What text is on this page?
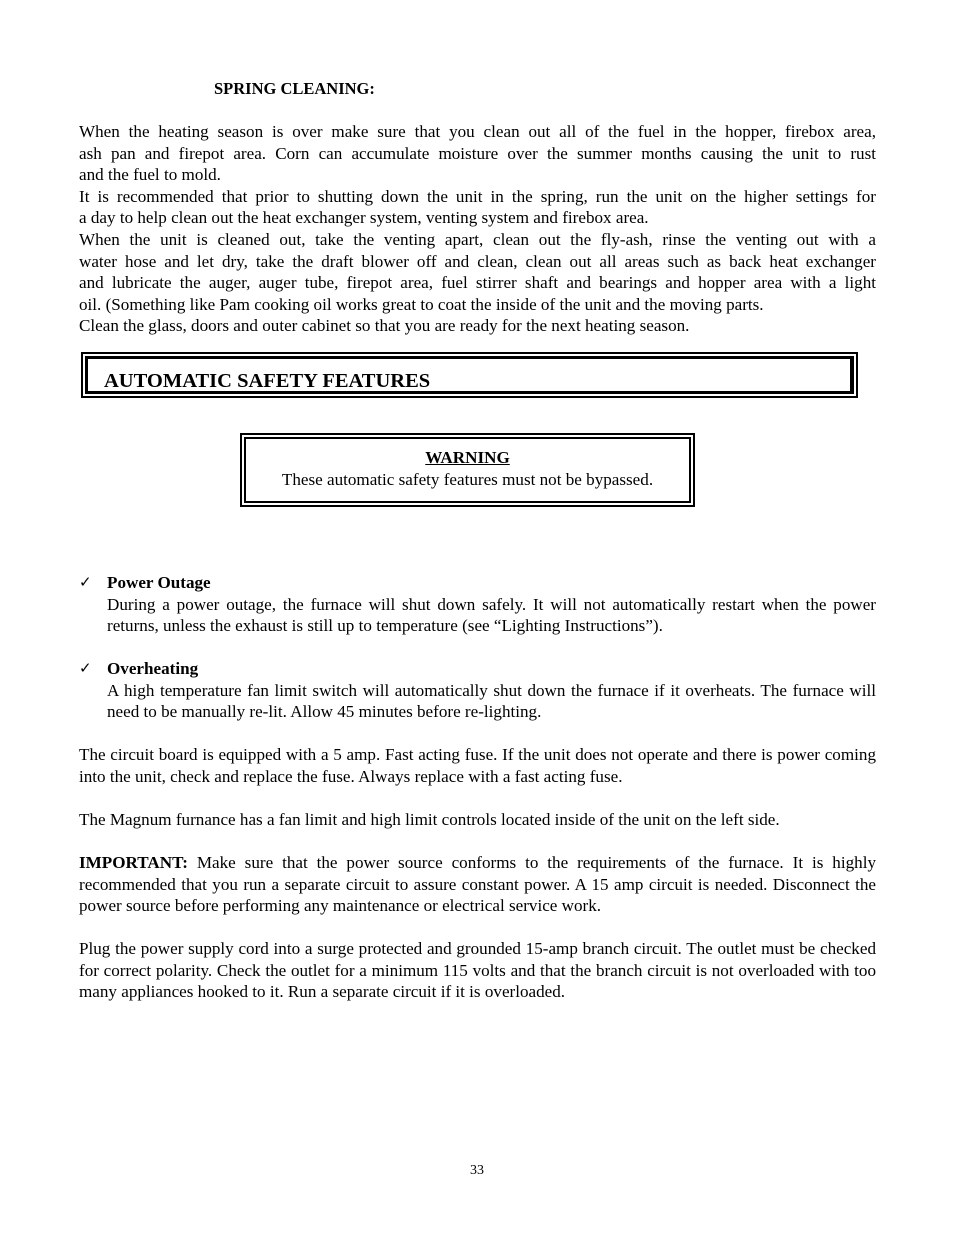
SPRING CLEANING:
When the heating season is over make sure that you clean out all of the fuel in the hopper, firebox area,
ash pan and firepot area. Corn can accumulate moisture over the summer months causing the unit to rust
and the fuel to mold.
It is recommended that prior to shutting down the unit in the spring, run the unit on the higher settings for
a day to help clean out the heat exchanger system, venting system and firebox area.
When the unit is cleaned out, take the venting apart, clean out the fly-ash, rinse the venting out with a
water hose and let dry, take the draft blower off and clean, clean out all areas such as back heat exchanger
and lubricate the auger, auger tube, firepot area, fuel stirrer shaft and bearings and hopper area with a light
oil. (Something like Pam cooking oil works great to coat the inside of the unit and the moving parts.
Clean the glass, doors and outer cabinet so that you are ready for the next heating season.
AUTOMATIC SAFETY FEATURES
WARNING
These automatic safety features must not be bypassed.
✓ Power Outage
During a power outage, the furnace will shut down safely. It will not automatically restart when the power returns, unless the exhaust is still up to temperature (see “Lighting Instructions”).
✓ Overheating
A high temperature fan limit switch will automatically shut down the furnace if it overheats. The furnace will need to be manually re-lit. Allow 45 minutes before re-lighting.
The circuit board is equipped with a 5 amp. Fast acting fuse. If the unit does not operate and there is power coming into the unit, check and replace the fuse. Always replace with a fast acting fuse.
The Magnum furnance has a fan limit and high limit controls located inside of the unit on the left side.
IMPORTANT: Make sure that the power source conforms to the requirements of the furnace. It is highly recommended that you run a separate circuit to assure constant power. A 15 amp circuit is needed. Disconnect the power source before performing any maintenance or electrical service work.
Plug the power supply cord into a surge protected and grounded 15-amp branch circuit. The outlet must be checked for correct polarity. Check the outlet for a minimum 115 volts and that the branch circuit is not overloaded with too many appliances hooked to it. Run a separate circuit if it is overloaded.
33
